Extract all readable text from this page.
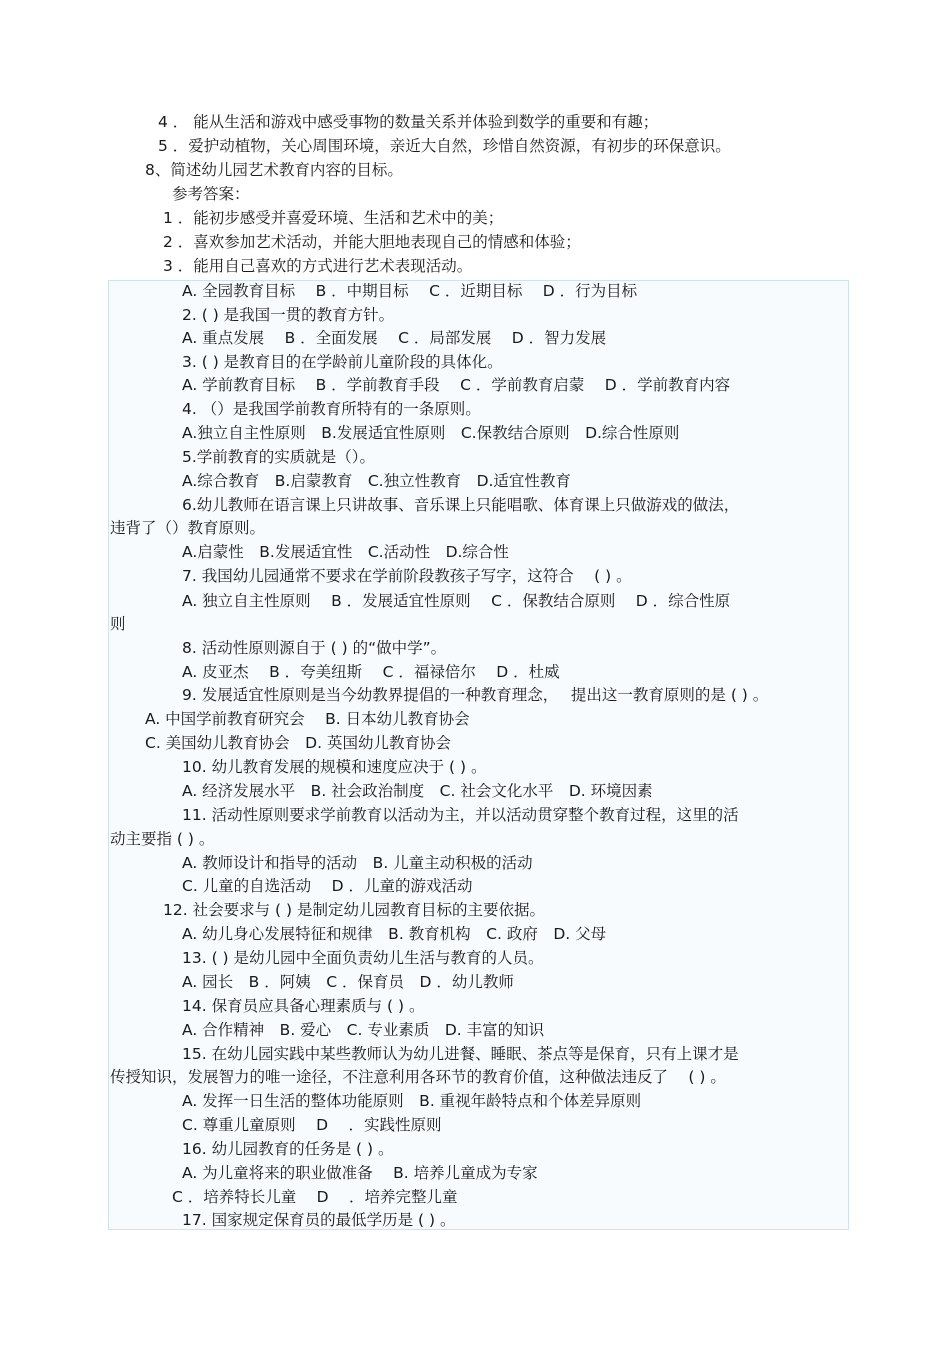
4 ． 能从生活和游戏中感受事物的数量关系并体验到数学的重要和有趣；
5 ．爱护动植物，关心周围环境，亲近大自然，珍惜自然资源，有初步的环保意识。
8、简述幼儿园艺术教育内容的目标。
参考答案：
1 ．能初步感受并喜爱环境、生活和艺术中的美；
2 ．喜欢参加艺术活动，并能大胆地表现自己的情感和体验；
3 ．能用自己喜欢的方式进行艺术表现活动。
A. 全园教育目标　 B ．中期目标　 C ．近期目标　 D ．行为目标
2. ( ) 是我国一贯的教育方针。
A. 重点发展　 B ．全面发展　 C ．局部发展　 D ．智力发展
3. ( ) 是教育目的在学龄前儿童阶段的具体化。
A. 学前教育目标　 B ．学前教育手段　 C ．学前教育启蒙　 D ．学前教育内容
4. （）是我国学前教育所特有的一条原则。
A.独立自主性原则　B.发展适宜性原则　C.保教结合原则　D.综合性原则
5.学前教育的实质就是（）。
A.综合教育　B.启蒙教育　C.独立性教育　D.适宜性教育
6.幼儿教师在语言课上只讲故事、音乐课上只能唱歌、体育课上只做游戏的做法，
违背了（）教育原则。
A.启蒙性　B.发展适宜性　C.活动性　D.综合性
7. 我国幼儿园通常不要求在学前阶段教孩子写字，这符合　 ( ) 。
A. 独立自主性原则　 B ．发展适宜性原则　 C ．保教结合原则　 D ．综合性原
则
8. 活动性原则源自于 ( ) 的“做中学”。
A. 皮亚杰　 B ．夸美纽斯　 C ．福禄倍尔　 D ．杜威
9. 发展适宜性原则是当今幼教界提倡的一种教育理念，　 提出这一教育原则的是 ( ) 。
A. 中国学前教育研究会　 B. 日本幼儿教育协会
C. 美国幼儿教育协会　D. 英国幼儿教育协会
10. 幼儿教育发展的规模和速度应决于 ( ) 。
A. 经济发展水平　B. 社会政治制度　C. 社会文化水平　D. 环境因素
11. 活动性原则要求学前教育以活动为主，并以活动贯穿整个教育过程，这里的活
动主要指 ( ) 。
A. 教师设计和指导的活动　B. 儿童主动积极的活动
C. 儿童的自选活动　 D ．儿童的游戏活动
12. 社会要求与 ( ) 是制定幼儿园教育目标的主要依据。
A. 幼儿身心发展特征和规律　B. 教育机构　C. 政府　D. 父母
13. ( ) 是幼儿园中全面负责幼儿生活与教育的人员。
A. 园长　B ．阿姨　C ．保育员　D ．幼儿教师
14. 保育员应具备心理素质与 ( ) 。
A. 合作精神　B. 爱心　C. 专业素质　D. 丰富的知识
15. 在幼儿园实践中某些教师认为幼儿进餐、睡眠、茶点等是保育，只有上课才是
传授知识，发展智力的唯一途径，不注意利用各环节的教育价值，这种做法违反了　 ( ) 。
A. 发挥一日生活的整体功能原则　B. 重视年龄特点和个体差异原则
C. 尊重儿童原则　 D　 ．实践性原则
16. 幼儿园教育的任务是 ( ) 。
A. 为儿童将来的职业做准备　 B. 培养儿童成为专家
C ．培养特长儿童　 D　 ．培养完整儿童
17. 国家规定保育员的最低学历是 ( ) 。
